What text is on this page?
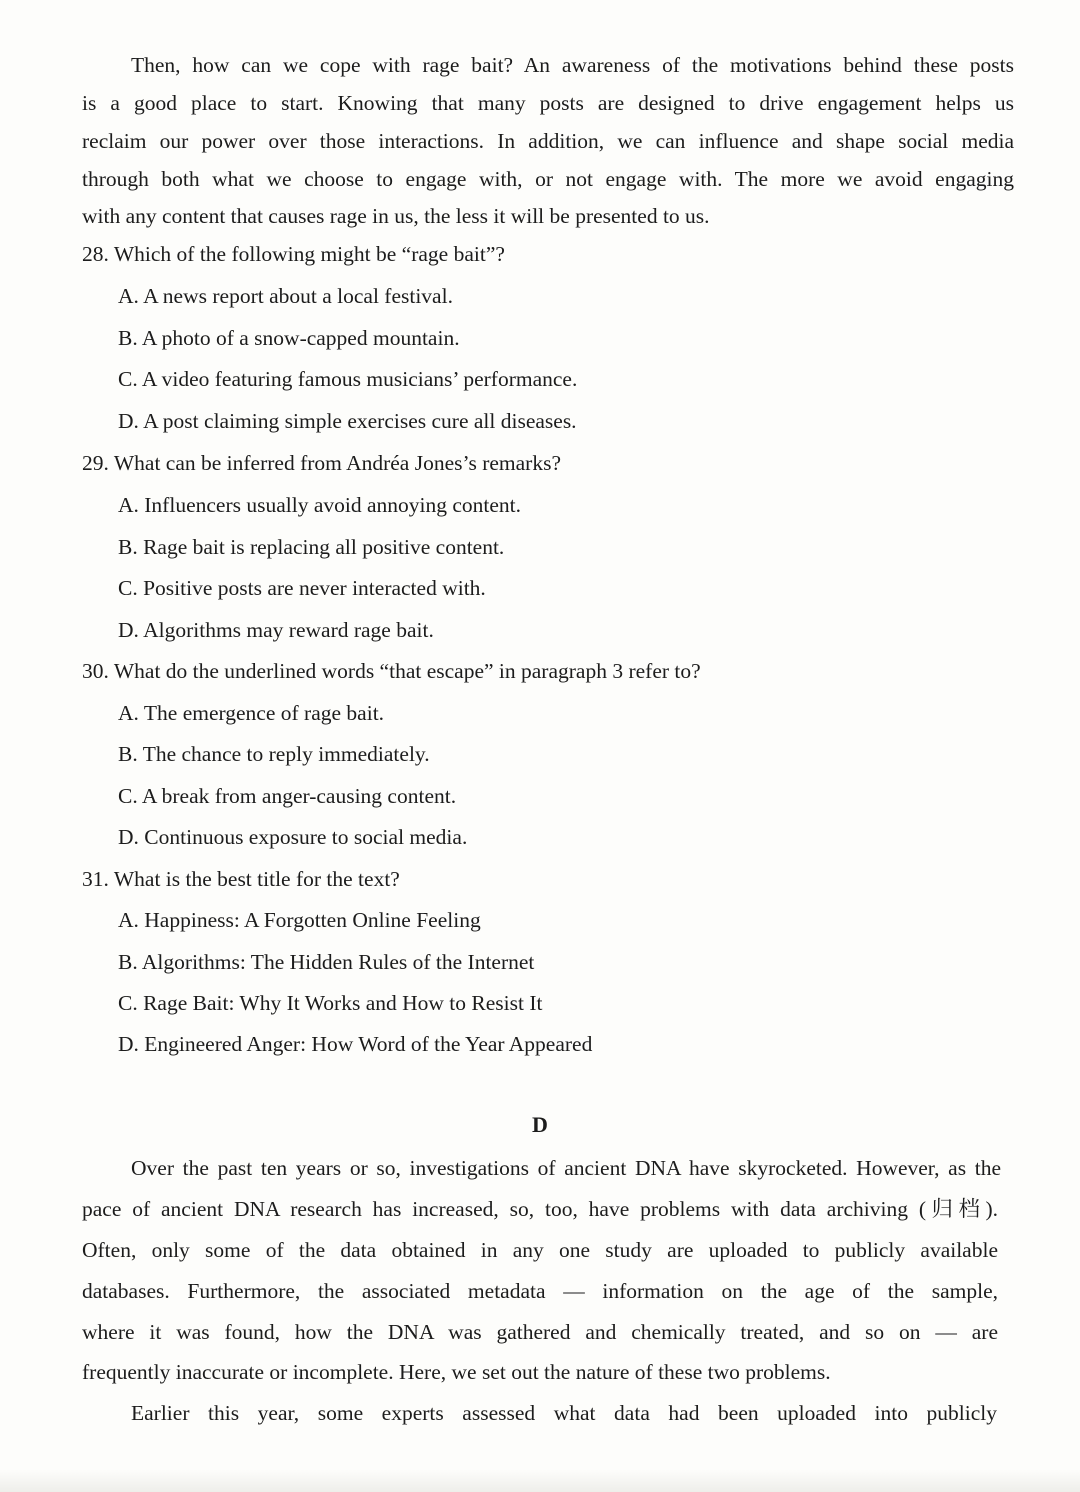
Then, how can we cope with rage bait? An awareness of the motivations behind these posts
is a good place to start. Knowing that many posts are designed to drive engagement helps us
reclaim our power over those interactions. In addition, we can influence and shape social media
through both what we choose to engage with, or not engage with. The more we avoid engaging
with any content that causes rage in us, the less it will be presented to us.
28. Which of the following might be “rage bait”?
A. A news report about a local festival.
B. A photo of a snow-capped mountain.
C. A video featuring famous musicians’ performance.
D. A post claiming simple exercises cure all diseases.
29. What can be inferred from Andréa Jones’s remarks?
A. Influencers usually avoid annoying content.
B. Rage bait is replacing all positive content.
C. Positive posts are never interacted with.
D. Algorithms may reward rage bait.
30. What do the underlined words “that escape” in paragraph 3 refer to?
A. The emergence of rage bait.
B. The chance to reply immediately.
C. A break from anger-causing content.
D. Continuous exposure to social media.
31. What is the best title for the text?
A. Happiness: A Forgotten Online Feeling
B. Algorithms: The Hidden Rules of the Internet
C. Rage Bait: Why It Works and How to Resist It
D. Engineered Anger: How Word of the Year Appeared
D
Over the past ten years or so, investigations of ancient DNA have skyrocketed. However, as the
pace of ancient DNA research has increased, so, too, have problems with data archiving (归档).
Often, only some of the data obtained in any one study are uploaded to publicly available
databases. Furthermore, the associated metadata — information on the age of the sample,
where it was found, how the DNA was gathered and chemically treated, and so on — are
frequently inaccurate or incomplete. Here, we set out the nature of these two problems.
Earlier this year, some experts assessed what data had been uploaded into publicly
